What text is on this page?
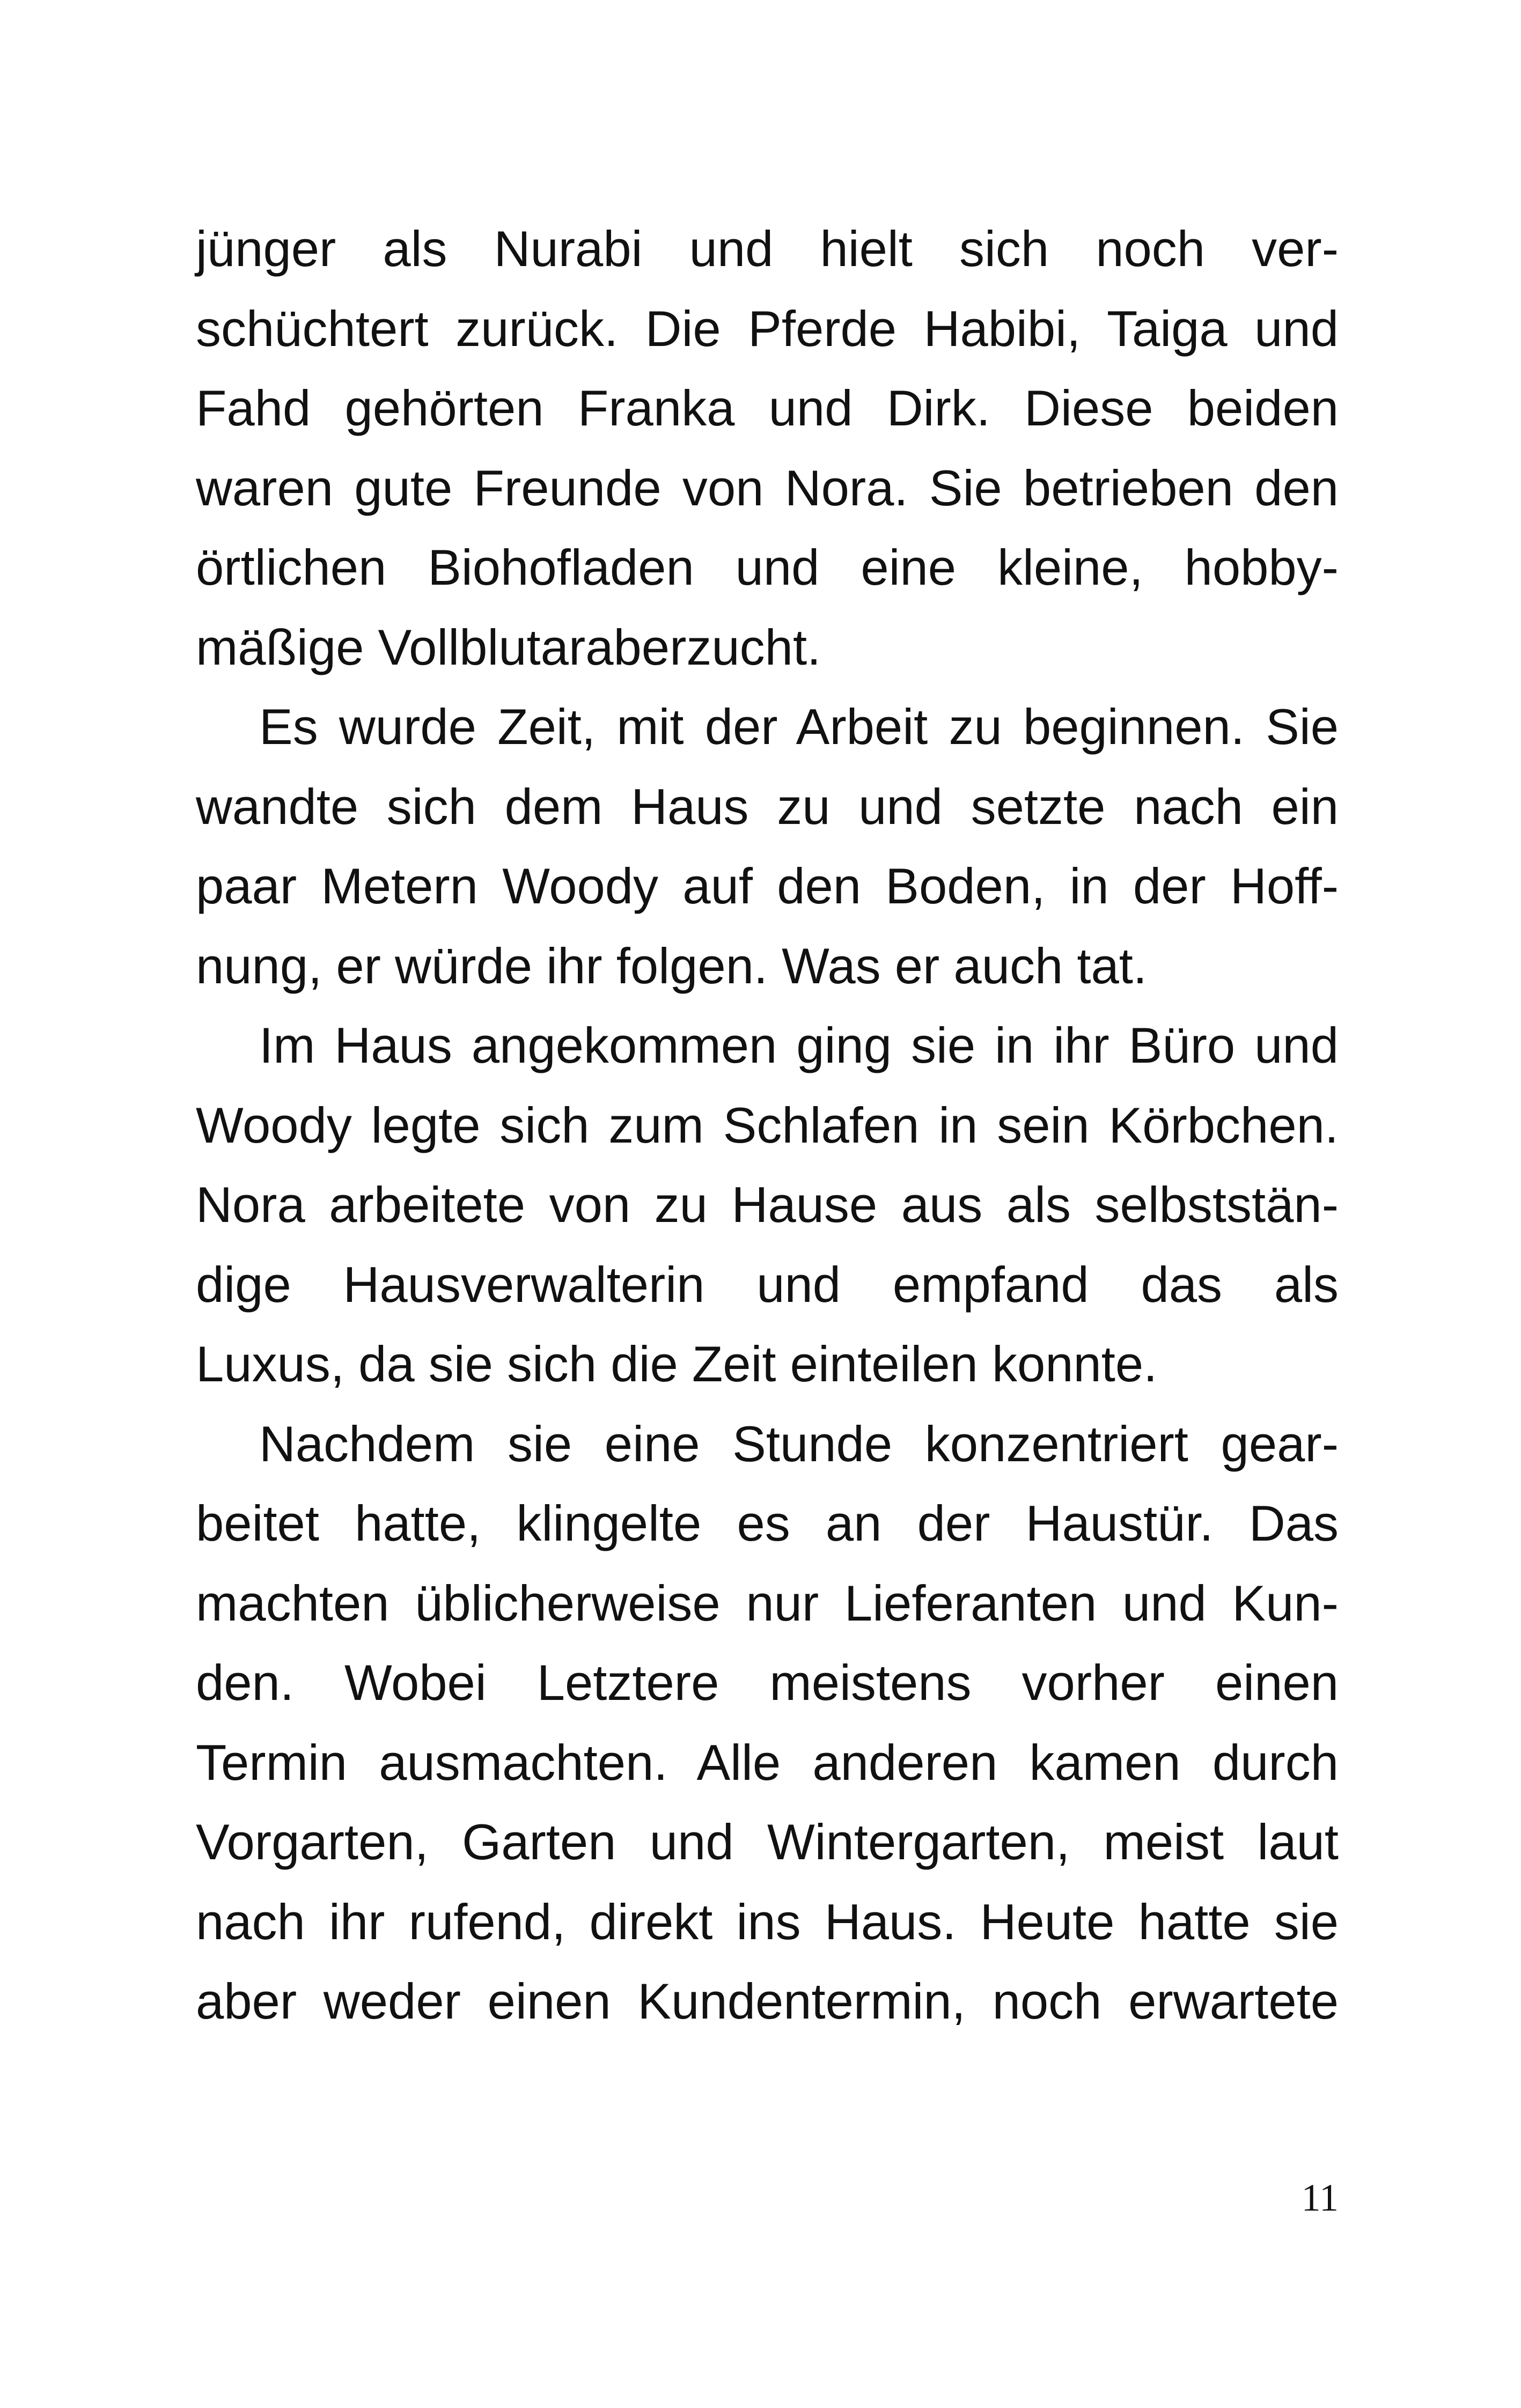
jünger als Nurabi und hielt sich noch ver-
schüchtert zurück. Die Pferde Habibi, Taiga und
Fahd gehörten Franka und Dirk. Diese beiden
waren gute Freunde von Nora. Sie betrieben den
örtlichen Biohofladen und eine kleine, hobby-
mäßige Vollblutaraberzucht.
Es wurde Zeit, mit der Arbeit zu beginnen. Sie
wandte sich dem Haus zu und setzte nach ein
paar Metern Woody auf den Boden, in der Hoff-
nung, er würde ihr folgen. Was er auch tat.
Im Haus angekommen ging sie in ihr Büro und
Woody legte sich zum Schlafen in sein Körbchen.
Nora arbeitete von zu Hause aus als selbststän-
dige Hausverwalterin und empfand das als
Luxus, da sie sich die Zeit einteilen konnte.
Nachdem sie eine Stunde konzentriert gear-
beitet hatte, klingelte es an der Haustür. Das
machten üblicherweise nur Lieferanten und Kun-
den. Wobei Letztere meistens vorher einen
Termin ausmachten. Alle anderen kamen durch
Vorgarten, Garten und Wintergarten, meist laut
nach ihr rufend, direkt ins Haus. Heute hatte sie
aber weder einen Kundentermin, noch erwartete
11
